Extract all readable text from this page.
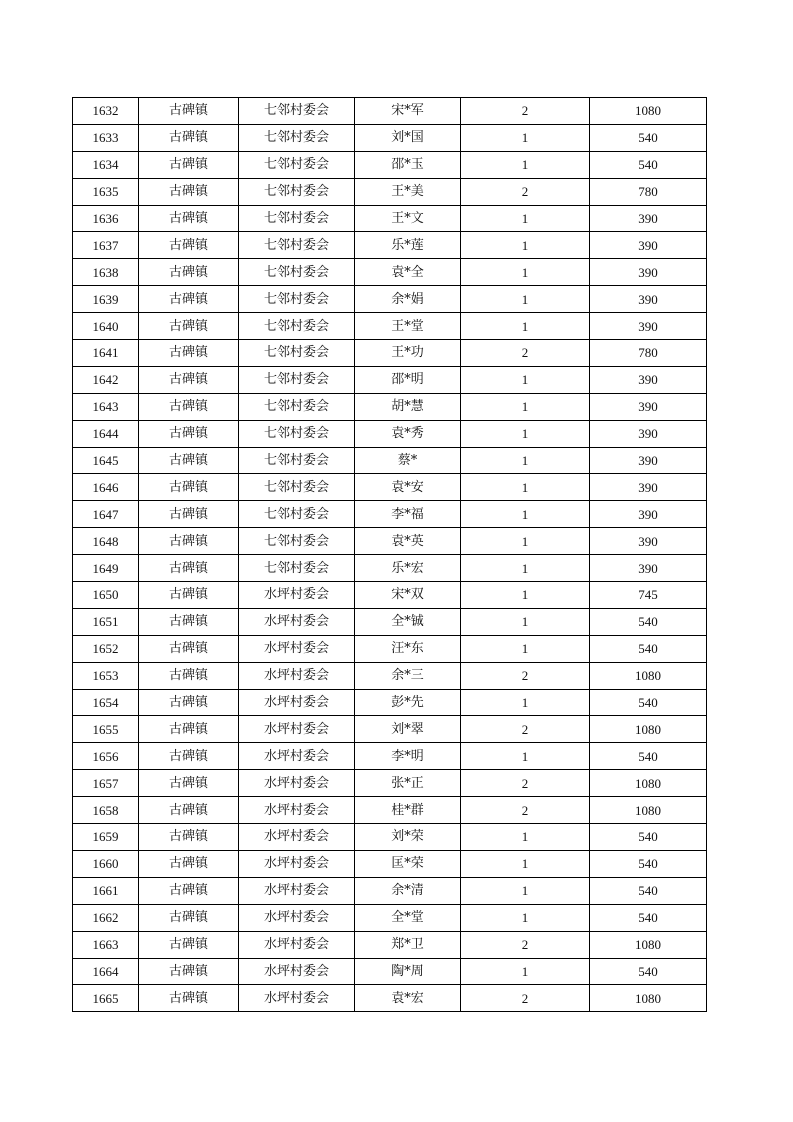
1632	古碑镇	七邻村委会	宋*军	2	1080
1633	古碑镇	七邻村委会	刘*国	1	540
1634	古碑镇	七邻村委会	邵*玉	1	540
1635	古碑镇	七邻村委会	王*美	2	780
1636	古碑镇	七邻村委会	王*文	1	390
1637	古碑镇	七邻村委会	乐*莲	1	390
1638	古碑镇	七邻村委会	袁*全	1	390
1639	古碑镇	七邻村委会	余*娟	1	390
1640	古碑镇	七邻村委会	王*堂	1	390
1641	古碑镇	七邻村委会	王*功	2	780
1642	古碑镇	七邻村委会	邵*明	1	390
1643	古碑镇	七邻村委会	胡*慧	1	390
1644	古碑镇	七邻村委会	袁*秀	1	390
1645	古碑镇	七邻村委会	蔡*	1	390
1646	古碑镇	七邻村委会	袁*安	1	390
1647	古碑镇	七邻村委会	李*福	1	390
1648	古碑镇	七邻村委会	袁*英	1	390
1649	古碑镇	七邻村委会	乐*宏	1	390
1650	古碑镇	水坪村委会	宋*双	1	745
1651	古碑镇	水坪村委会	全*铖	1	540
1652	古碑镇	水坪村委会	汪*东	1	540
1653	古碑镇	水坪村委会	余*三	2	1080
1654	古碑镇	水坪村委会	彭*先	1	540
1655	古碑镇	水坪村委会	刘*翠	2	1080
1656	古碑镇	水坪村委会	李*明	1	540
1657	古碑镇	水坪村委会	张*正	2	1080
1658	古碑镇	水坪村委会	桂*群	2	1080
1659	古碑镇	水坪村委会	刘*荣	1	540
1660	古碑镇	水坪村委会	匡*荣	1	540
1661	古碑镇	水坪村委会	余*清	1	540
1662	古碑镇	水坪村委会	全*堂	1	540
1663	古碑镇	水坪村委会	郑*卫	2	1080
1664	古碑镇	水坪村委会	陶*周	1	540
1665	古碑镇	水坪村委会	袁*宏	2	1080
